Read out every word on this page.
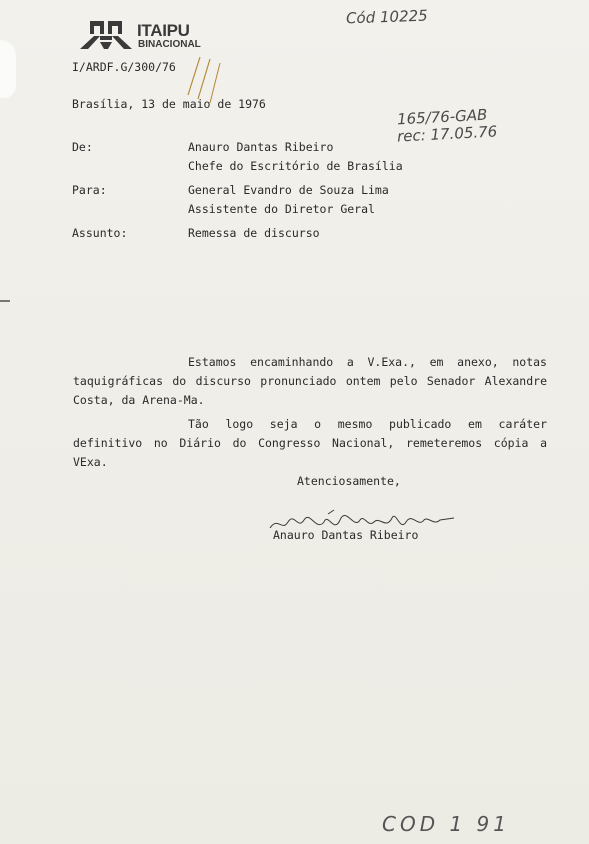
ITAIPU
BINACIONAL
Cód 10225
I/ARDF.G/300/76
Brasília, 13 de maio de 1976
165/76-GAB
rec: 17.05.76
De:	Anauro Dantas Ribeiro
Chefe do Escritório de Brasília
Para:	General Evandro de Souza Lima
Assistente do Diretor Geral
Assunto:	Remessa de discurso
Estamos encaminhando a V.Exa., em anexo, notas taquigráficas do discurso pronunciado ontem pelo Senador Alexandre Costa, da Arena-Ma.
Tão logo seja o mesmo publicado em caráter definitivo no Diário do Congresso Nacional, remeteremos cópia a VExa.
Atenciosamente,
Anauro Dantas Ribeiro
COD 1 91
